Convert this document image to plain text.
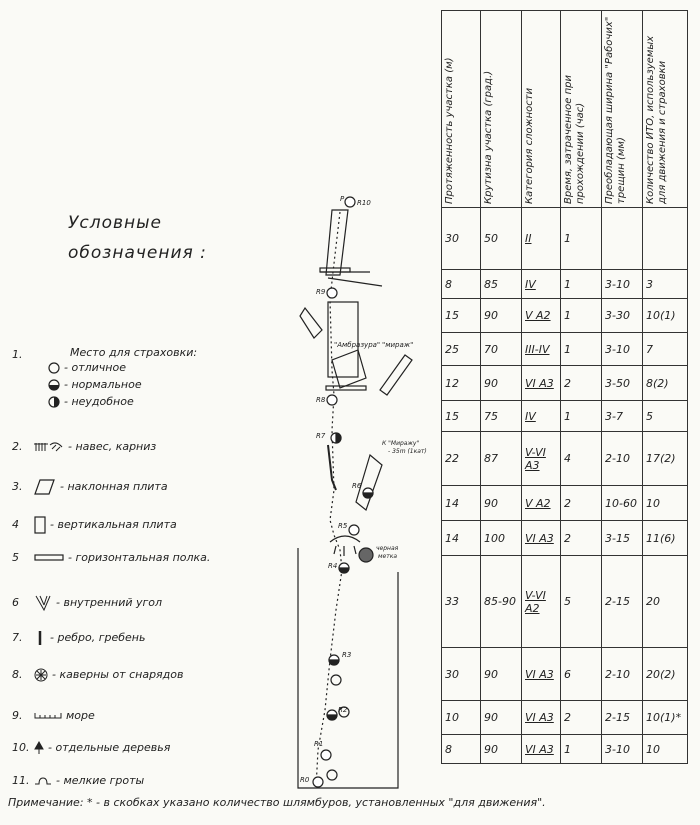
Условные
обозначения :
1.	Место для страховки:
- отличное
- нормальное
- неудобное
2.	- навес, карниз
3.	- наклонная плита
4	- вертикальная плита
5	- горизонтальная полка.
6	- внутренний угол
7.	- ребро, гребень
8.	- каверны от снарядов
9.	море
10. - отдельные деревья
11. - мелкие гроты
P R10
R9
R8
R7
R6
R5
R4
R3
R2
R1
R0
"Амбразура" "мираж"
К "Миражу"
- 35m (1кат)
черная
метка
Протяженность участка (м)	Крутизна участка (град.)	Категория сложности	Время, затраченное при прохождении (час)	Преобладающая ширина "Рабочих" трещин (мм)	Количество ИТО, используемых для движения и страховки

30	50	II	1		
8	85	IV	1	3-10	3
15	90	V A2	1	3-30	10(1)
25	70	III-IV	1	3-10	7
12	90	VI A3	2	3-50	8(2)
15	75	IV	1	3-7	5
22	87	V-VI A3	4	2-10	17(2)
14	90	V A2	2	10-60	10
14	100	VI A3	2	3-15	11(6)
33	85-90	V-VI A2	5	2-15	20
30	90	VI A3	6	2-10	20(2)
10	90	VI A3	2	2-15	10(1)*
8	90	VI A3	1	3-10	10
Примечание: * - в скобках указано количество шлямбуров, установленных "для движения".
